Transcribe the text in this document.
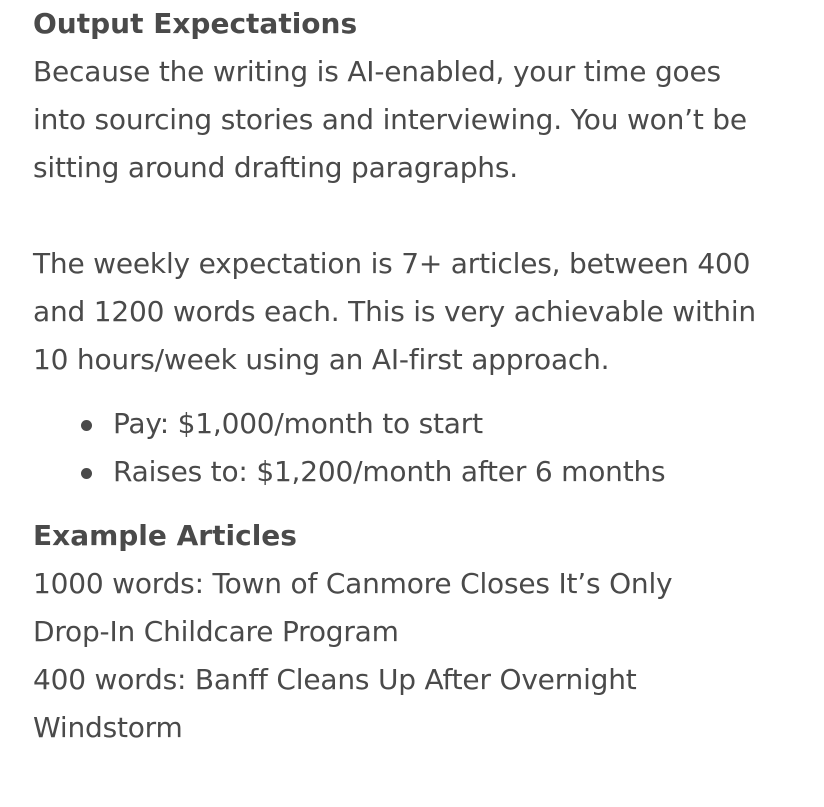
Output Expectations

Because the writing is AI-enabled, your time goes
into sourcing stories and interviewing. You won’t be
sitting around drafting paragraphs.

The weekly expectation is 7+ articles, between 400
and 1200 words each. This is very achievable within
10 hours/week using an AI-first approach.

Pay: $1,000/month to start
Raises to: $1,200/month after 6 months
Example Articles

1000 words: Town of Canmore Closes It’s Only
Drop-In Childcare Program

400 words: Banff Cleans Up After Overnight
Windstorm
